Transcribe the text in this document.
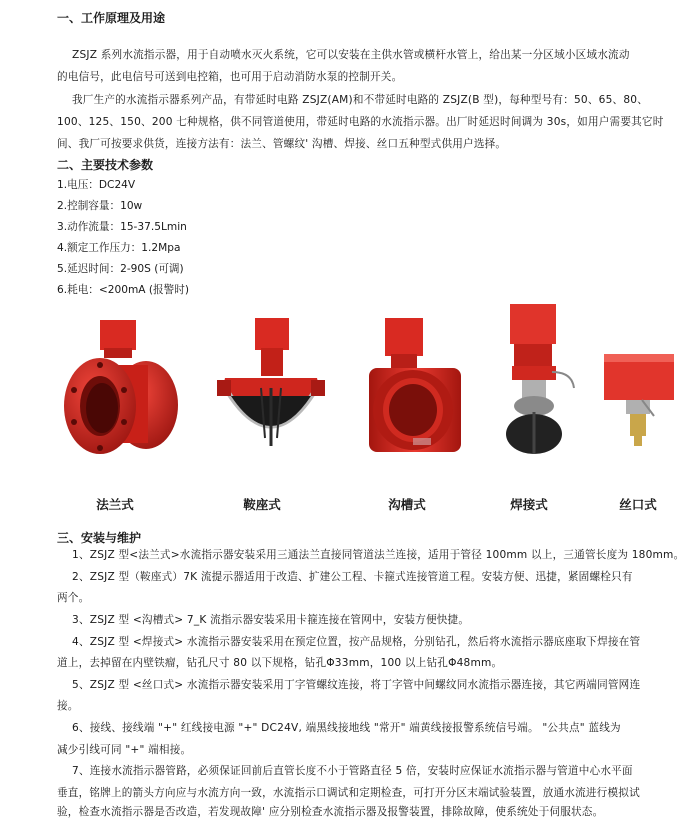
一、工作原理及用途
ZSJZ 系列水流指示器，用于自动喷水灭火系统，它可以安装在主供水管或横杆水管上，给出某一分区域小区域水流动
的电信号，此电信号可送到电控箱，也可用于启动消防水泵的控制开关。
我厂生产的水流指示器系列产品，有带延时电路 ZSJZ(AM)和不带延时电路的 ZSJZ(B 型)，每种型号有：50、65、80、
100、125、150、200 七种规格，供不同管道使用，带延时电路的水流指示器。出厂时延迟时间调为 30s，如用户需要其它时
间、我厂可按要求供货，连接方法有：法兰、管螺纹' 沟槽、焊接、丝口五种型式供用户选择。
二、主要技术参数
1.电压：DC24V
2.控制容量：10w
3.动作流量：15-37.5Lmin
4.额定工作压力：1.2Mpa
5.延迟时间：2-90S (可调)
6.耗电：<200mA (报警时)
法兰式	鞍座式	沟槽式	焊接式	丝口式
三、安装与维护
1、ZSJZ 型<法兰式>水流指示器安装采用三通法兰直接同管道法兰连接，适用于管径 100mm 以上，三通管长度为 180mm。
2、ZSJZ 型（鞍座式）7K 流提示器适用于改造、扩建公工程、卡箍式连接管道工程。安装方便、迅捷，紧固螺栓只有
两个。
3、ZSJZ 型 <沟槽式> 7_K 流指示器安装采用卡箍连接在管网中，安装方便快捷。
4、ZSJZ 型 <焊接式> 水流指示器安装采用在预定位置，按产品规格，分别钻孔，然后将水流指示器底座取下焊接在管
道上，去掉留在内壁铁瘤，钻孔尺寸 80 以下规格，钻孔Φ33mm，100 以上钻孔Φ48mm。
5、ZSJZ 型 <丝口式> 水流指示器安装采用丁字管螺纹连接，将丁字管中间螺纹同水流指示器连接，其它两端同管网连
接。
6、接线、接线端 "+" 红线接电源 "+" DC24V, 端黑线接地线 "常开" 端黄线接报警系统信号端。 "公共点" 蓝线为
减少引线可同 "+" 端相接。
7、连接水流指示器管路，必须保证回前后直管长度不小于管路直径 5 倍，安装时应保证水流指示器与管道中心水平面
垂直，铭牌上的箭头方向应与水流方向一致，水流指示口调试和定期检查，可打开分区末端试验装置，放通水流进行模拟试
验，检查水流指示器是否改造，若发现故障' 应分别检查水流指示器及报警装置，排除故障，使系统处于伺服状态。
